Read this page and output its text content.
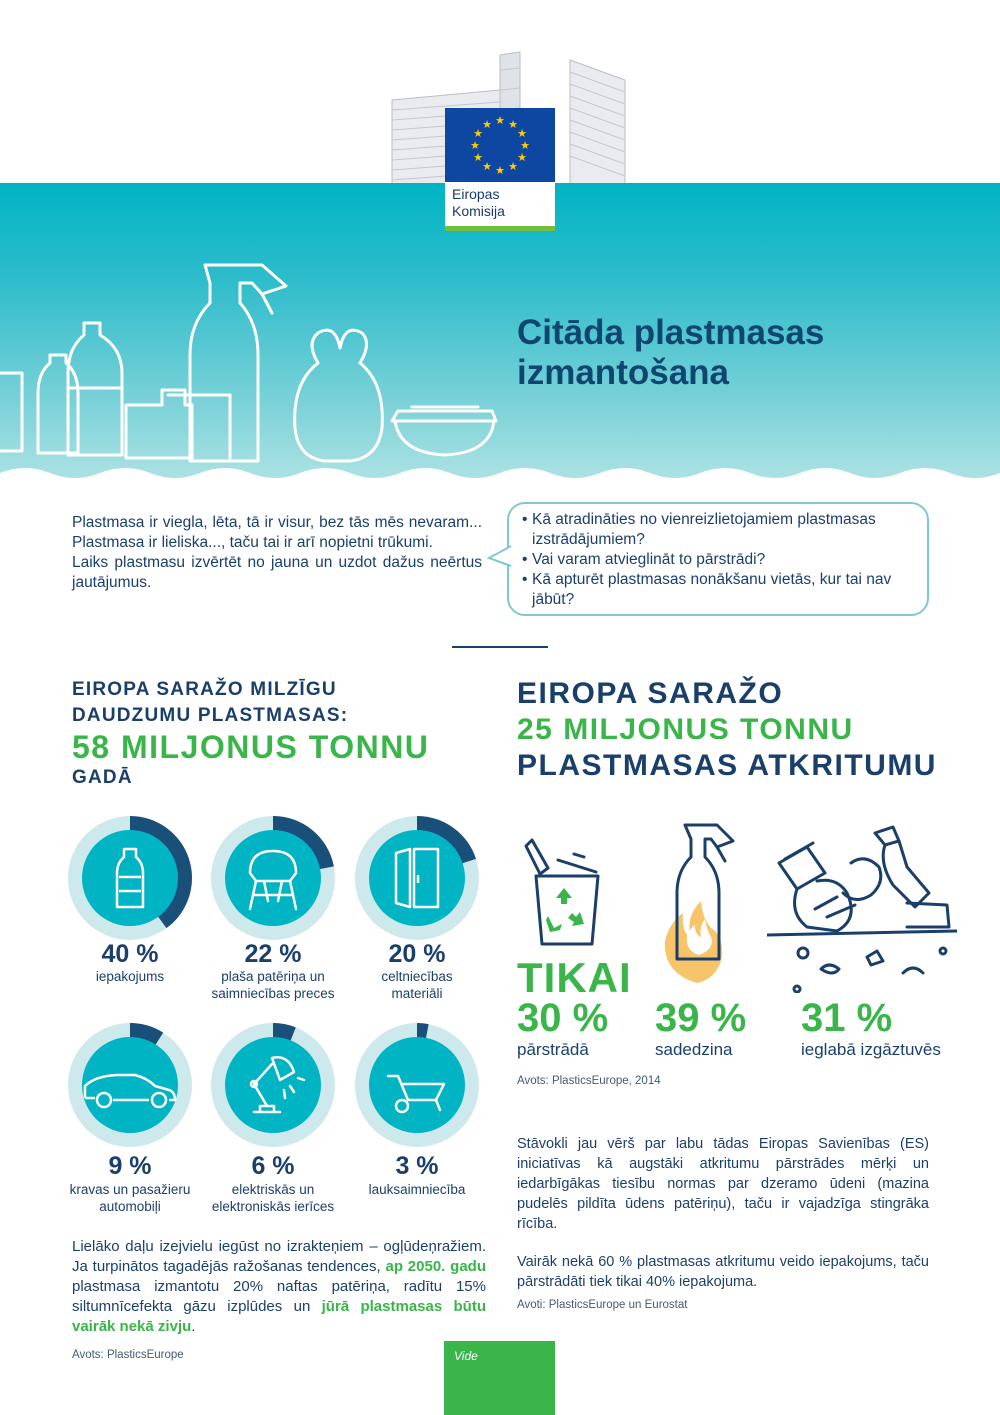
★ ★
★
★
★
★
★
★
★
★
★
★
Eiropas
Komisija
Citāda plastmasas
izmantošana

Plastmasa ir viegla, lēta, tā ir visur, bez tās mēs nevaram... Plastmasa ir lieliska..., taču tai ir arī nopietni trūkumi.

Laiks plastmasu izvērtēt no jauna un uzdot dažus neērtus jautājumus.

• Kā atradināties no vienreizlietojamiem plastmasas izstrādājumiem?
• Vai varam atvieglināt to pārstrādi?
• Kā apturēt plastmasas nonākšanu vietās, kur tai nav jābūt?
EIROPA SARAŽO MILZĪGU
DAUDZUMU PLASTMASAS:
58 MILJONUS TONNU
GADĀ
40 %
iepakojums
22 %
plaša patēriņa un saimniecības preces
20 %
celtniecības materiāli
9 %
kravas un pasažieru automobiļi
6 %
elektriskās un elektroniskās ierīces
3 %
lauksaimniecība
Lielāko daļu izejvielu iegūst no izrakteņiem – ogļūdeņražiem. Ja turpinātos tagadējās ražošanas tendences, ap 2050. gadu plastmasa izmantotu 20% naftas patēriņa, radītu 15% siltumnīcefekta gāzu izplūdes un jūrā plastmasas būtu vairāk nekā zivju.
Avots: PlasticsEurope
EIROPA SARAŽO
25 MILJONUS TONNU
PLASTMASAS ATKRITUMU
TIKAI
30 %
pārstrādā
39 %
sadedzina
31 %
ieglabā izgāztuvēs
Avots: PlasticsEurope, 2014

Stāvokli jau vērš par labu tādas Eiropas Savienības (ES) iniciatīvas kā augstāki atkritumu pārstrādes mērķi un iedarbīgākas tiesību normas par dzeramo ūdeni (mazina pudelēs pildīta ūdens patēriņu), taču ir vajadzīga stingrāka rīcība.

Vairāk nekā 60 % plastmasas atkritumu veido iepakojums, taču pārstrādāti tiek tikai 40% iepakojuma.

Avoti: PlasticsEurope un Eurostat
Vide
